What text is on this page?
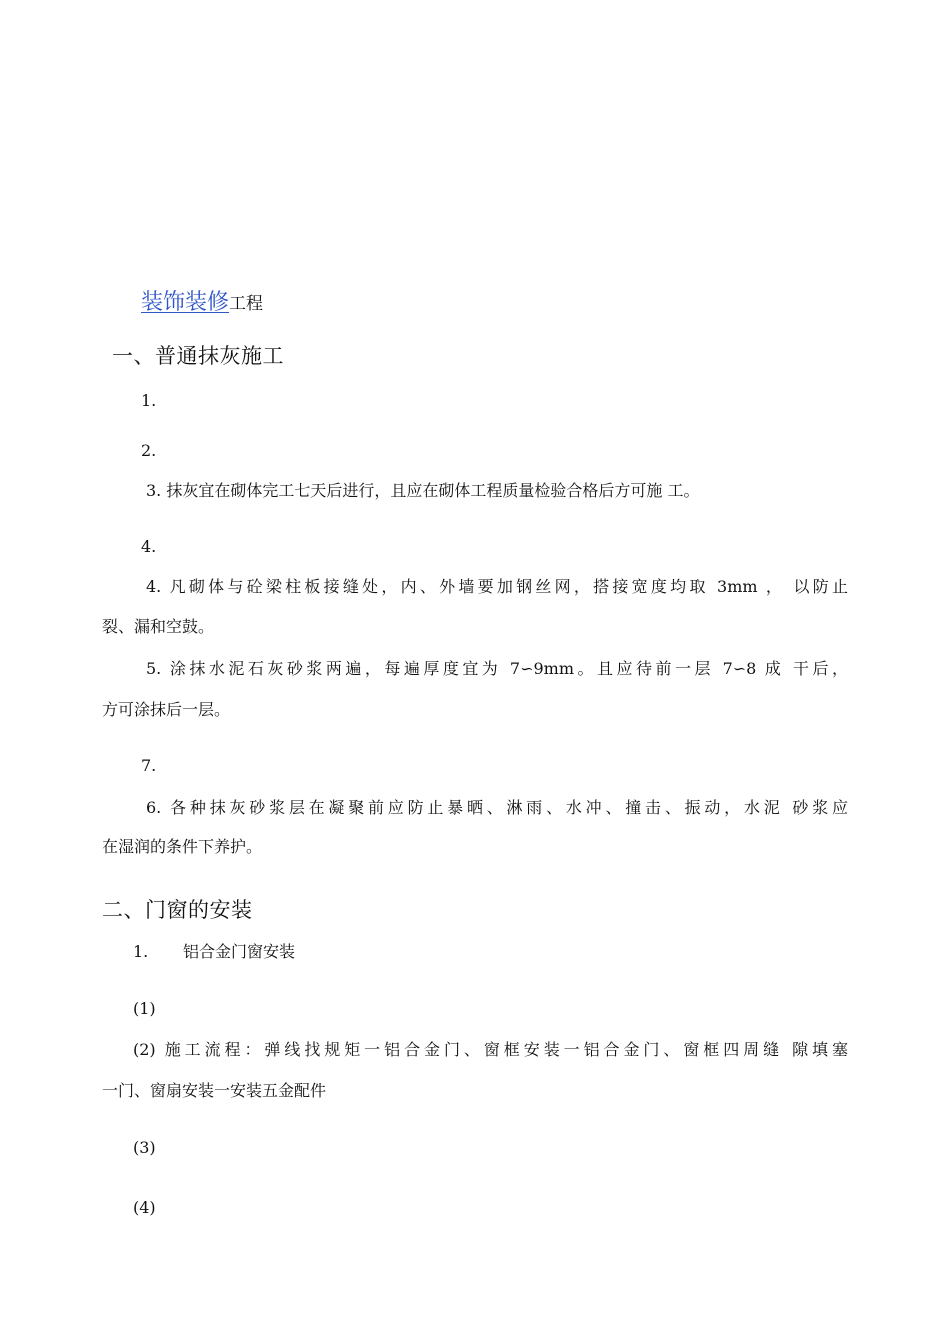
装饰装修工程
一、普通抹灰施工
1.
2.
3. 抹灰宜在砌体完工七天后进行，且应在砌体工程质量检验合格后方可施 工。
4.
4. 凡砌体与砼梁柱板接缝处，内、外墙要加钢丝网，搭接宽度均取 3mm ， 以防止
裂、漏和空鼓。
5. 涂抹水泥石灰砂浆两遍，每遍厚度宜为 7∽9mm。且应待前一层 7∽8 成 干后，
方可涂抹后一层。
7.
6. 各种抹灰砂浆层在凝聚前应防止暴晒、淋雨、水冲、撞击、振动，水泥 砂浆应
在湿润的条件下养护。
二、门窗的安装
1. 铝合金门窗安装
(1)
(2) 施工流程：弹线找规矩一铝合金门、窗框安装一铝合金门、窗框四周缝 隙填塞
一门、窗扇安装一安装五金配件
(3)
(4)
